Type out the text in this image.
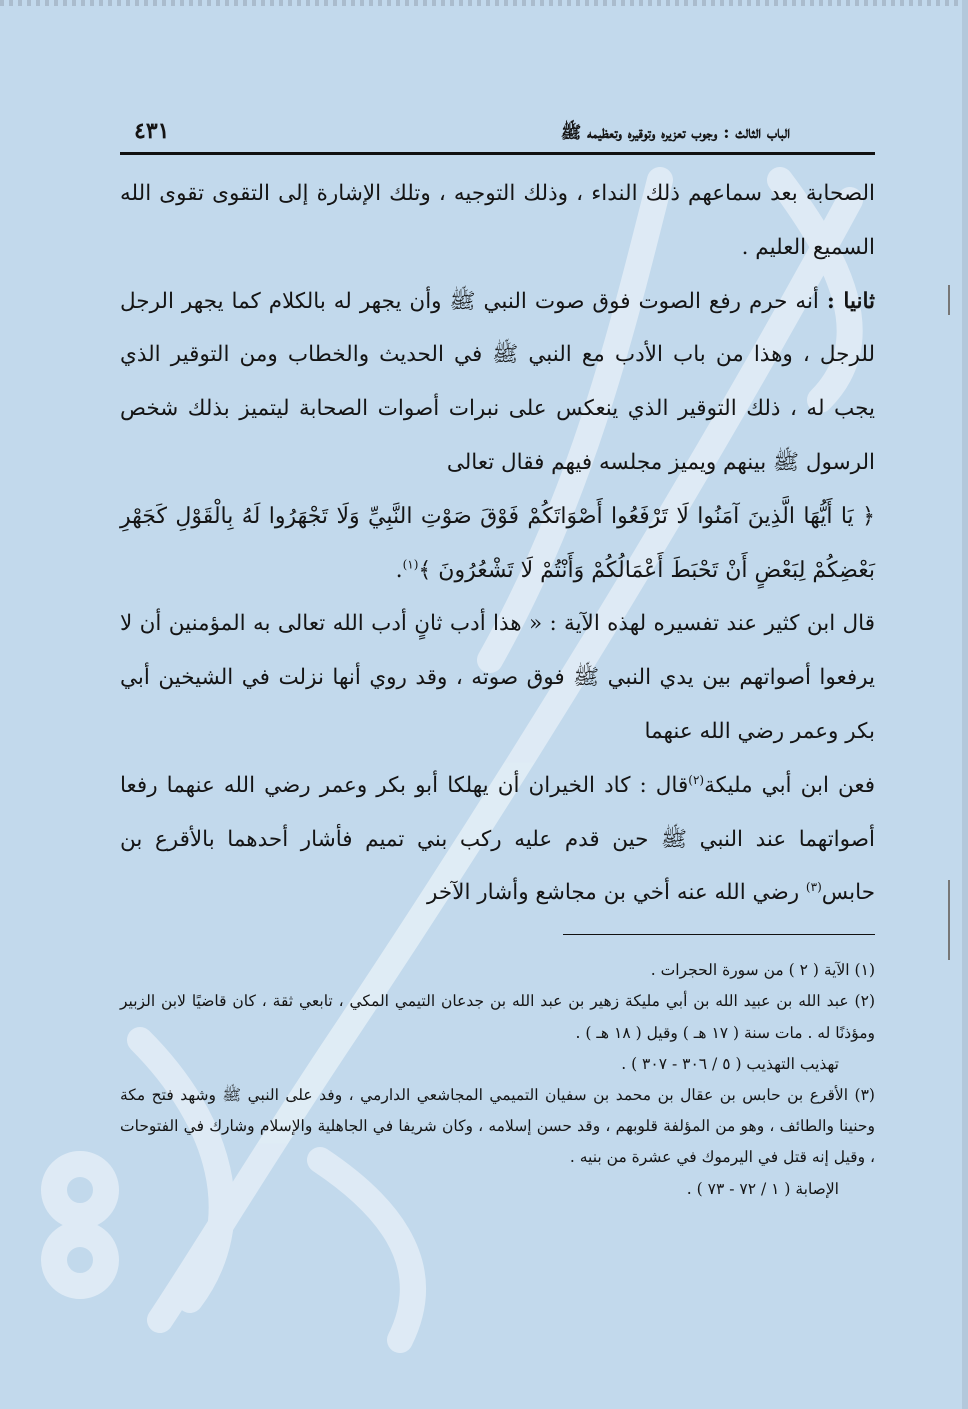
الباب الثالث : وجوب تعزيره وتوقيره وتعظيمه ﷺ
٤٣١

الصحابة بعد سماعهم ذلك النداء ، وذلك التوجيه ، وتلك الإشارة إلى التقوى تقوى الله السميع العليم .

ثانيا : أنه حرم رفع الصوت فوق صوت النبي ﷺ وأن يجهر له بالكلام كما يجهر الرجل للرجل ، وهذا من باب الأدب مع النبي ﷺ في الحديث والخطاب ومن التوقير الذي يجب له ، ذلك التوقير الذي ينعكس على نبرات أصوات الصحابة ليتميز بذلك شخص الرسول ﷺ بينهم ويميز مجلسه فيهم فقال تعالى

﴿ يَا أَيُّهَا الَّذِينَ آمَنُوا لَا تَرْفَعُوا أَصْوَاتَكُمْ فَوْقَ صَوْتِ النَّبِيِّ وَلَا تَجْهَرُوا لَهُ بِالْقَوْلِ كَجَهْرِ بَعْضِكُمْ لِبَعْضٍ أَنْ تَحْبَطَ أَعْمَالُكُمْ وَأَنْتُمْ لَا تَشْعُرُونَ ﴾$^{(١)}$.

قال ابن كثير عند تفسيره لهذه الآية : « هذا أدب ثانٍ أدب الله تعالى به المؤمنين أن لا يرفعوا أصواتهم بين يدي النبي ﷺ فوق صوته ، وقد روي أنها نزلت في الشيخين أبي بكر وعمر رضي الله عنهما

فعن ابن أبي مليكة$^{(٢)}$قال : كاد الخيران أن يهلكا أبو بكر وعمر رضي الله عنهما رفعا أصواتهما عند النبي ﷺ حين قدم عليه ركب بني تميم فأشار أحدهما بالأقرع بن حابس$^{(٣)}$ رضي الله عنه أخي بن مجاشع وأشار الآخر

(١) الآية ( ٢ ) من سورة الحجرات .

(٢) عبد الله بن عبيد الله بن أبي مليكة زهير بن عبد الله بن جدعان التيمي المكي ، تابعي ثقة ، كان قاضيًا لابن الزبير ومؤذنًا له . مات سنة ( ١٧ هـ ) وقيل ( ١٨ هـ ) .

تهذيب التهذيب ( ٥ / ٣٠٦ - ٣٠٧ ) .

(٣) الأقرع بن حابس بن عقال بن محمد بن سفيان التميمي المجاشعي الدارمي ، وفد على النبي ﷺ وشهد فتح مكة وحنينا والطائف ، وهو من المؤلفة قلوبهم ، وقد حسن إسلامه ، وكان شريفا في الجاهلية والإسلام وشارك في الفتوحات ، وقيل إنه قتل في اليرموك في عشرة من بنيه .

الإصابة ( ١ / ٧٢ - ٧٣ ) .
